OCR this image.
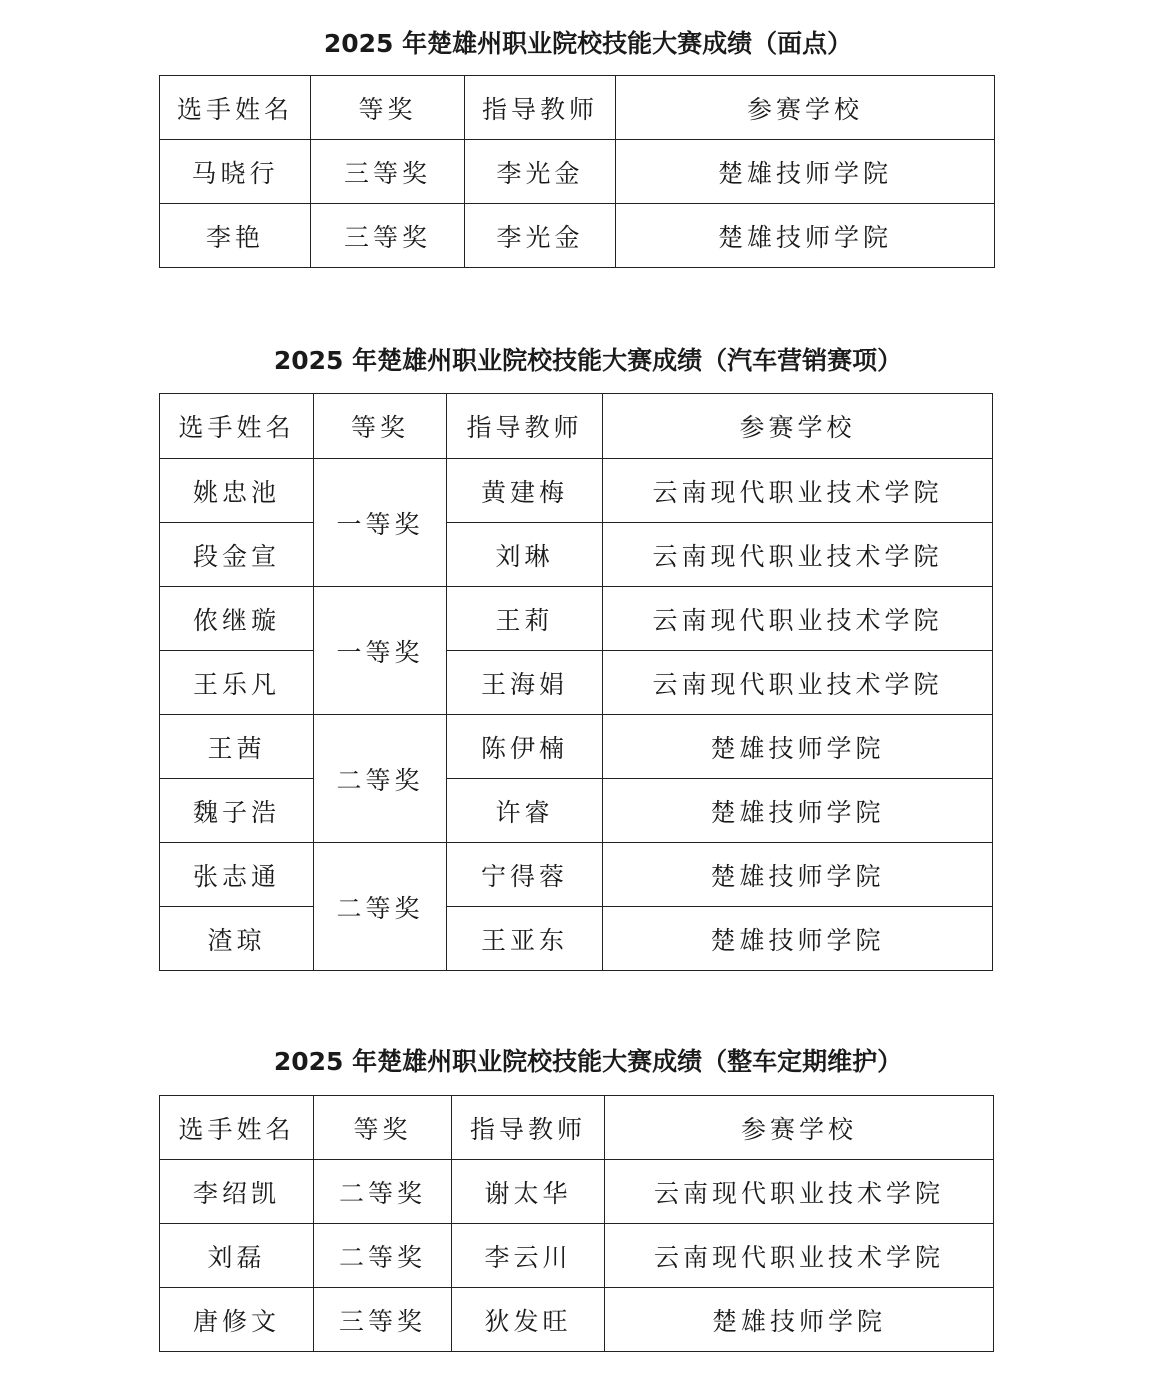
2025 年楚雄州职业院校技能大赛成绩（面点）
选手姓名	等奖	指导教师	参赛学校
马晓行	三等奖	李光金	楚雄技师学院
李艳	三等奖	李光金	楚雄技师学院
2025 年楚雄州职业院校技能大赛成绩（汽车营销赛项）
选手姓名	等奖	指导教师	参赛学校
姚忠池	一等奖	黄建梅	云南现代职业技术学院
段金宣		刘琳	云南现代职业技术学院
侬继璇	一等奖	王莉	云南现代职业技术学院
王乐凡		王海娟	云南现代职业技术学院
王茜	二等奖	陈伊楠	楚雄技师学院
魏子浩		许睿	楚雄技师学院
张志通	二等奖	宁得蓉	楚雄技师学院
渣琼		王亚东	楚雄技师学院
2025 年楚雄州职业院校技能大赛成绩（整车定期维护）
选手姓名	等奖	指导教师	参赛学校
李绍凯	二等奖	谢太华	云南现代职业技术学院
刘磊	二等奖	李云川	云南现代职业技术学院
唐修文	三等奖	狄发旺	楚雄技师学院
